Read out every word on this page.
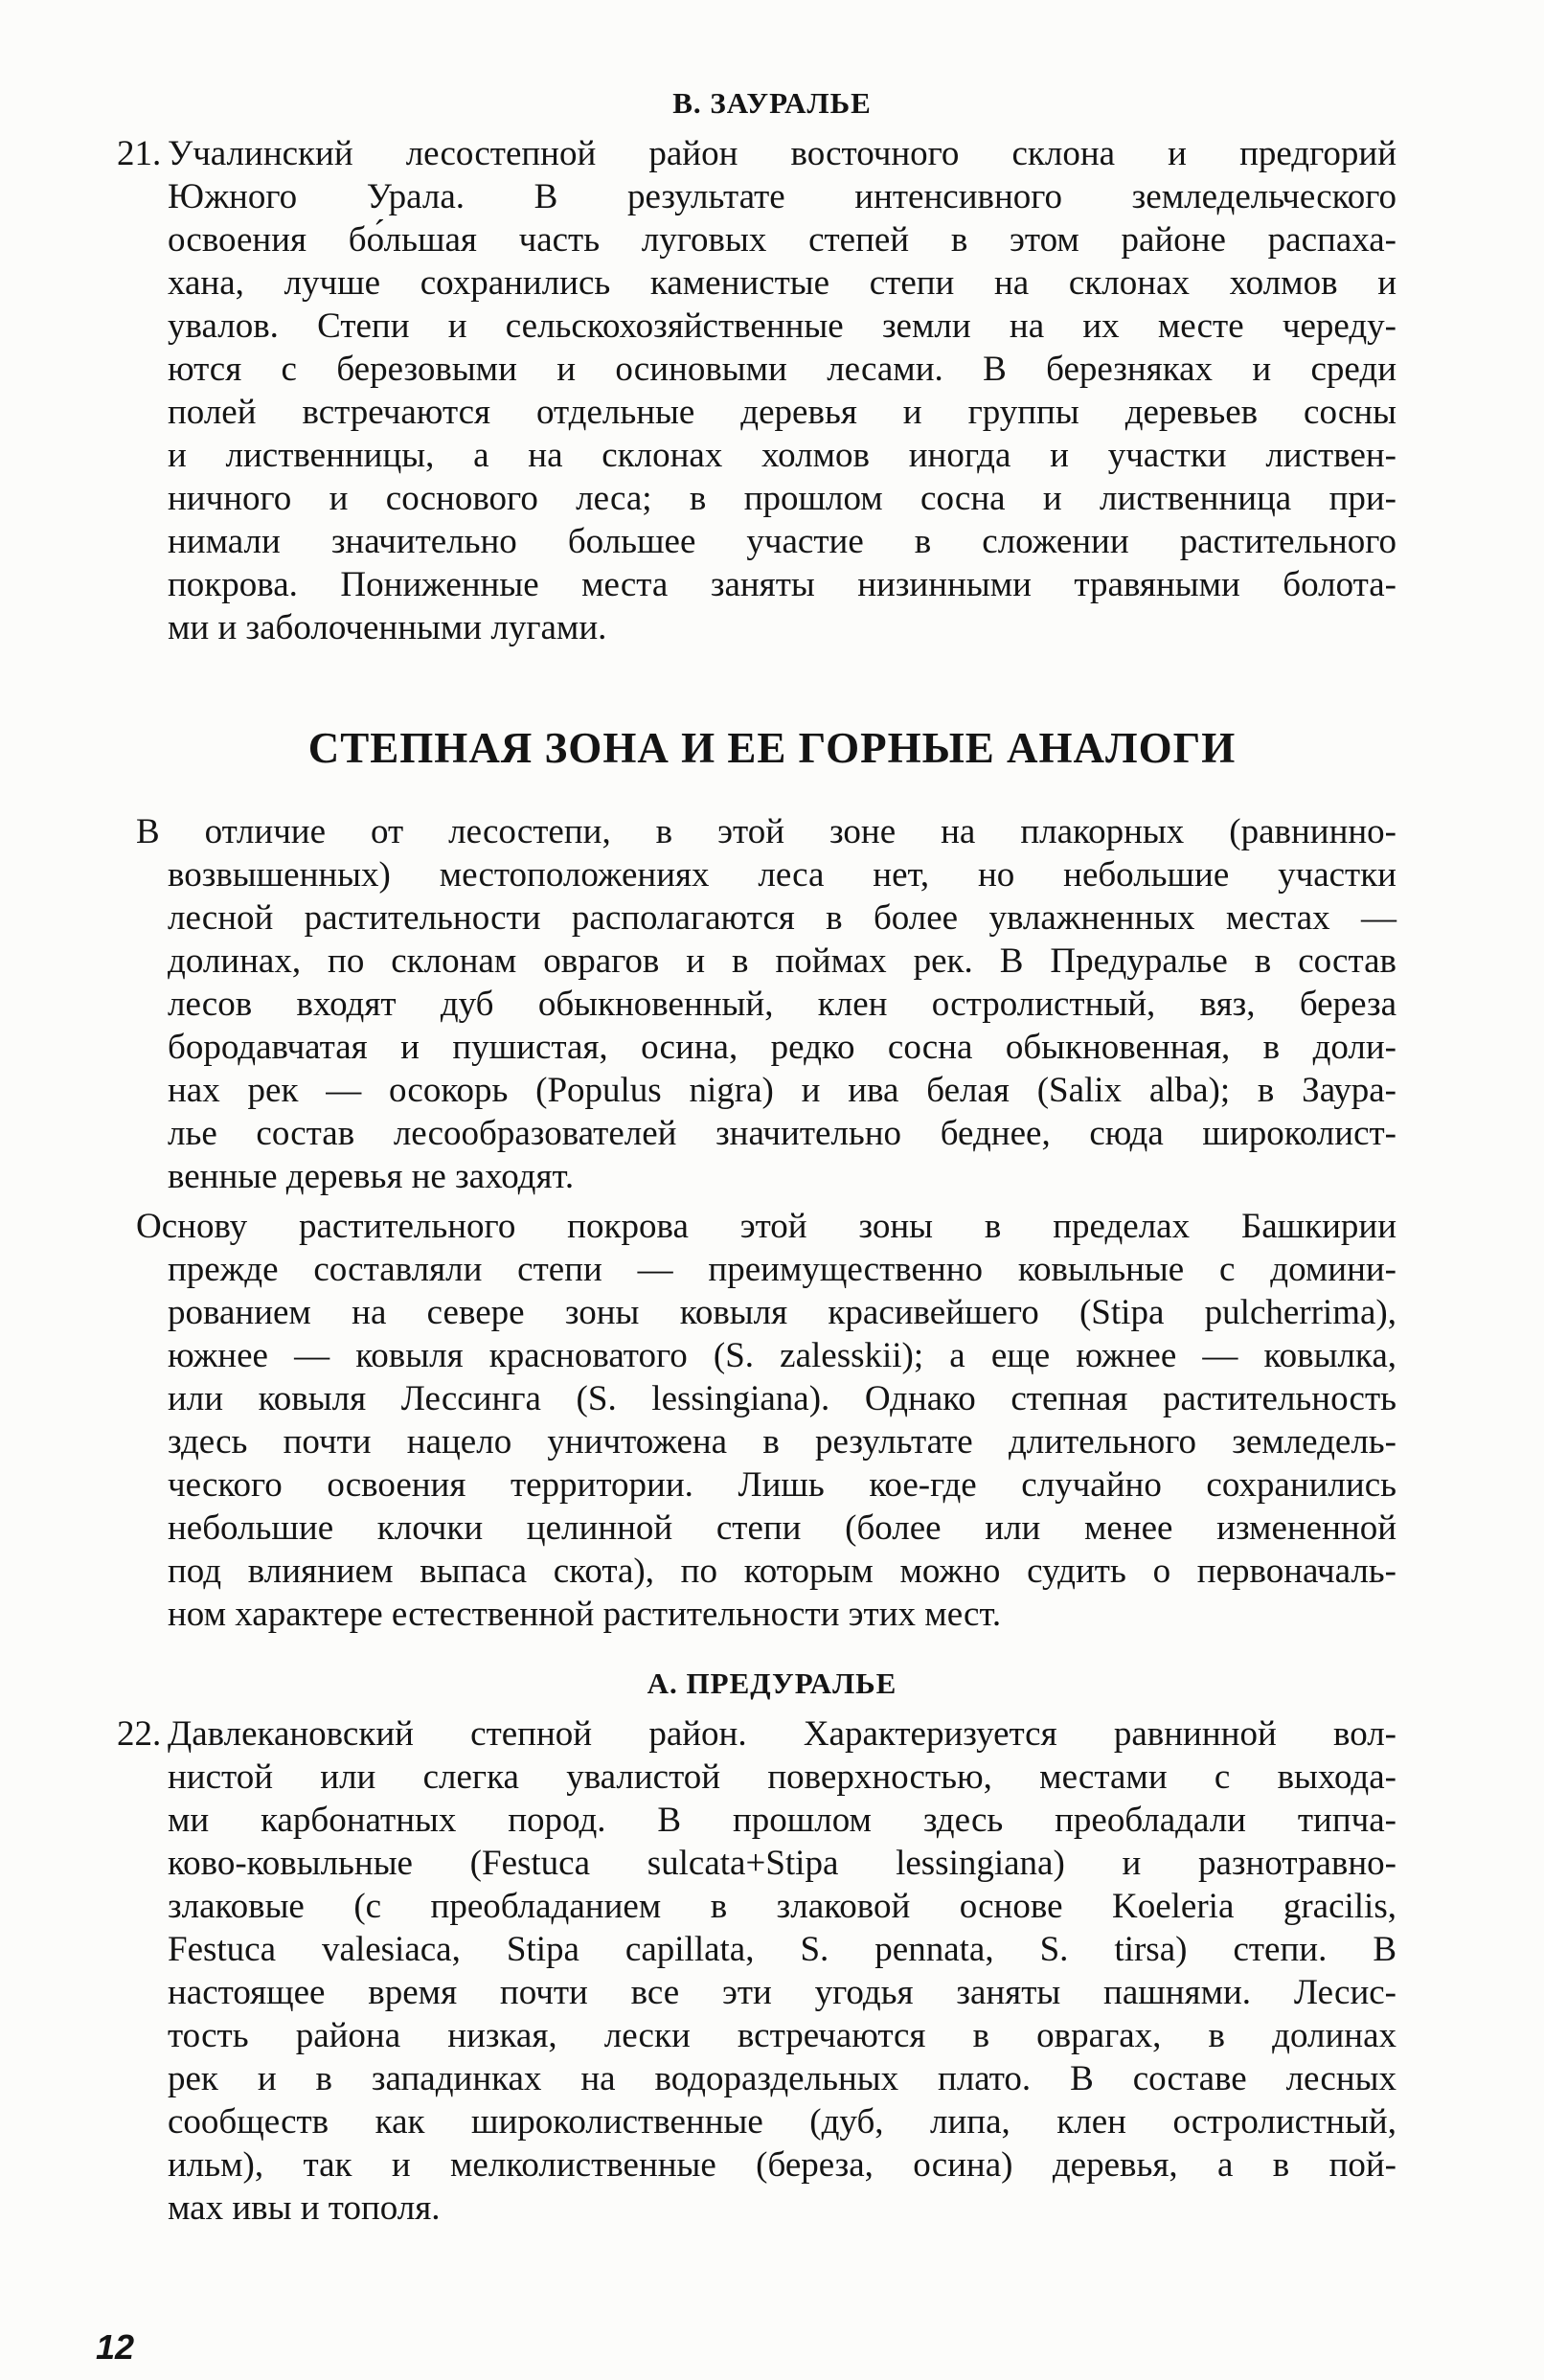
В. ЗАУРАЛЬЕ
21. Учалинский лесостепной район восточного склона и предгорий
Южного Урала. В результате интенсивного земледельческого
освоения бо́льшая часть луговых степей в этом районе распаха-
хана, лучше сохранились каменистые степи на склонах холмов и
увалов. Степи и сельскохозяйственные земли на их месте череду-
ются с березовыми и осиновыми лесами. В березняках и среди
полей встречаются отдельные деревья и группы деревьев сосны
и лиственницы, а на склонах холмов иногда и участки листвен-
ничного и соснового леса; в прошлом сосна и лиственница при-
нимали значительно большее участие в сложении растительного
покрова. Пониженные места заняты низинными травяными болота-
ми и заболоченными лугами.
СТЕПНАЯ ЗОНА И ЕЕ ГОРНЫЕ АНАЛОГИ
В отличие от лесостепи, в этой зоне на плакорных (равнинно-
возвышенных) местоположениях леса нет, но небольшие участки
лесной растительности располагаются в более увлажненных местах —
долинах, по склонам оврагов и в поймах рек. В Предуралье в состав
лесов входят дуб обыкновенный, клен остролистный, вяз, береза
бородавчатая и пушистая, осина, редко сосна обыкновенная, в доли-
нах рек — осокорь (Populus nigra) и ива белая (Salix alba); в Заура-
лье состав лесообразователей значительно беднее, сюда широколист-
венные деревья не заходят.
Основу растительного покрова этой зоны в пределах Башкирии
прежде составляли степи — преимущественно ковыльные с домини-
рованием на севере зоны ковыля красивейшего (Stipa pulcherrima),
южнее — ковыля красноватого (S. zalesskii); а еще южнее — ковылка,
или ковыля Лессинга (S. lessingiana). Однако степная растительность
здесь почти нацело уничтожена в результате длительного земледель-
ческого освоения территории. Лишь кое-где случайно сохранились
небольшие клочки целинной степи (более или менее измененной
под влиянием выпаса скота), по которым можно судить о первоначаль-
ном характере естественной растительности этих мест.
А. ПРЕДУРАЛЬЕ
22. Давлекановский степной район. Характеризуется равнинной вол-
нистой или слегка увалистой поверхностью, местами с выхода-
ми карбонатных пород. В прошлом здесь преобладали типча-
ково-ковыльные (Festuca sulcata+Stipa lessingiana) и разнотравно-
злаковые (с преобладанием в злаковой основе Koeleria gracilis,
Festuca valesiaca, Stipa capillata, S. pennata, S. tirsa) степи. В
настоящее время почти все эти угодья заняты пашнями. Лесис-
тость района низкая, лески встречаются в оврагах, в долинах
рек и в западинках на водораздельных плато. В составе лесных
сообществ как широколиственные (дуб, липа, клен остролистный,
ильм), так и мелколиственные (береза, осина) деревья, а в пой-
мах ивы и тополя.
12
